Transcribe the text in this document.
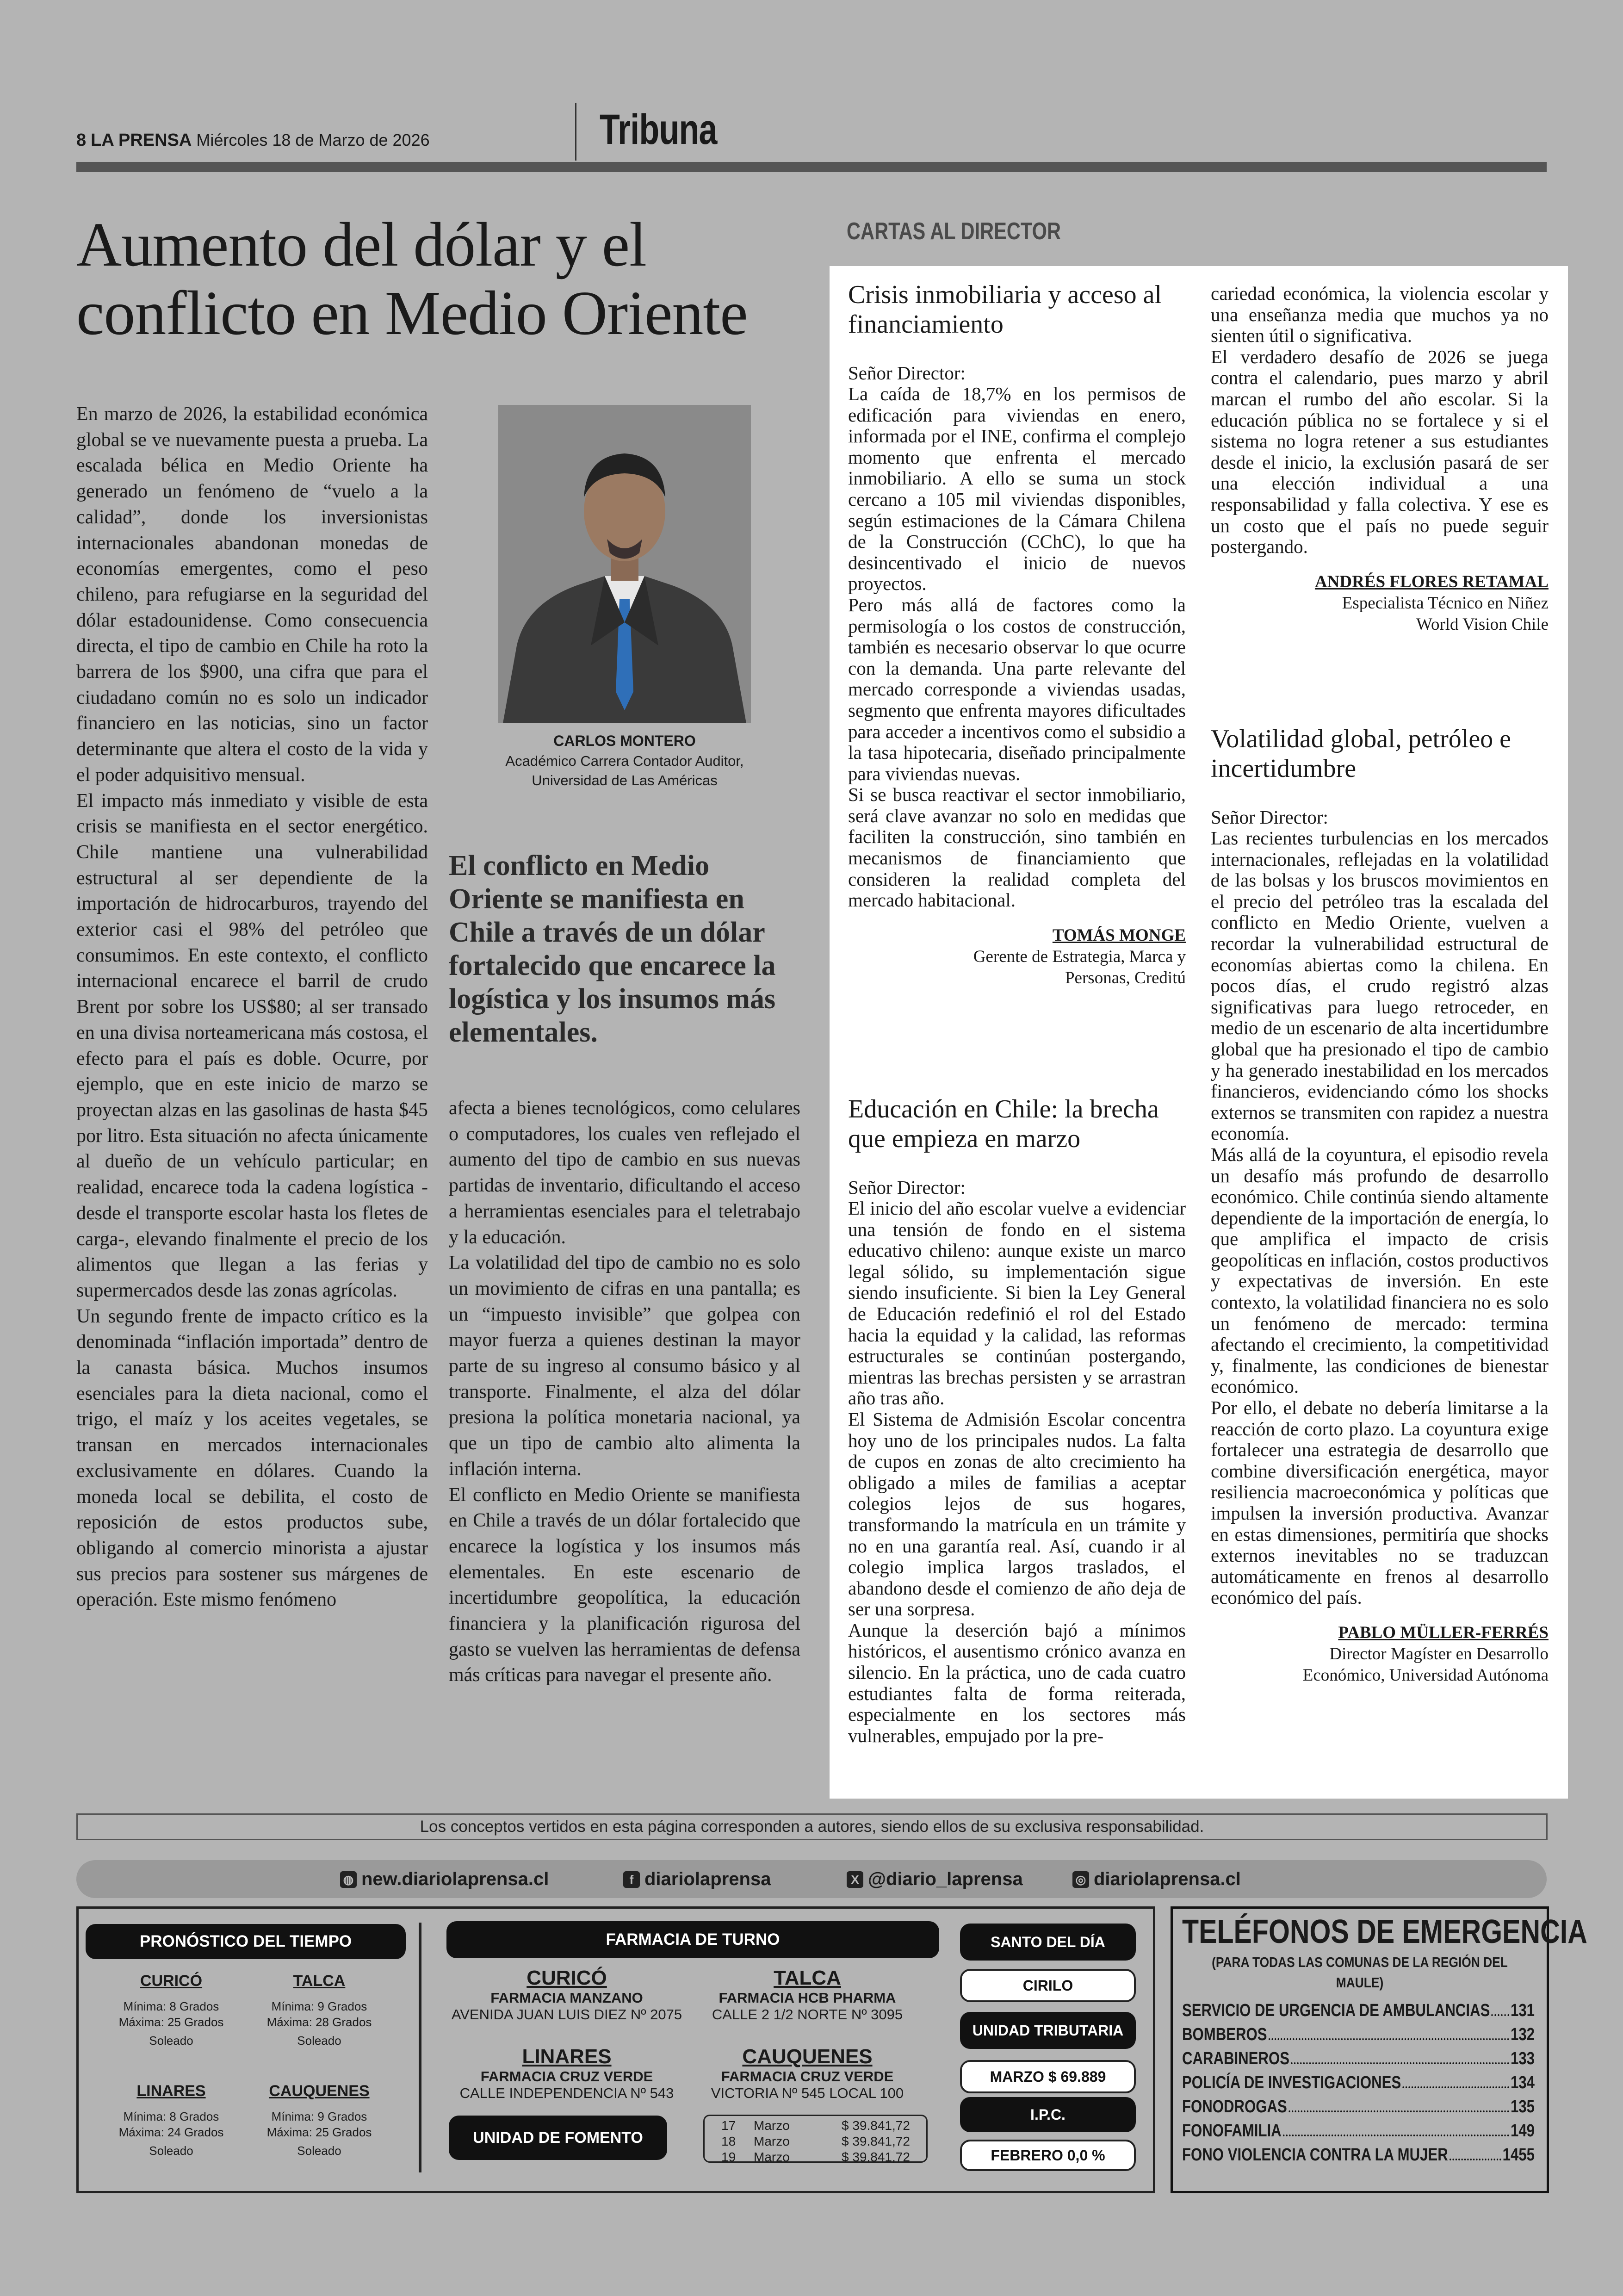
8 LA PRENSA Miércoles 18 de Marzo de 2026	Tribuna
Aumento del dólar y el conflicto en Medio Oriente

En marzo de 2026, la estabilidad económica global se ve nuevamente puesta a prueba. La escalada bélica en Medio Oriente ha generado un fenómeno de “vuelo a la calidad”, donde los inversionistas internacionales abandonan monedas de economías emergentes, como el peso chileno, para refugiarse en la seguridad del dólar estadounidense. Como consecuencia directa, el tipo de cambio en Chile ha roto la barrera de los $900, una cifra que para el ciudadano común no es solo un indicador financiero en las noticias, sino un factor determinante que altera el costo de la vida y el poder adquisitivo mensual.

El impacto más inmediato y visible de esta crisis se manifiesta en el sector energético. Chile mantiene una vulnerabilidad estructural al ser dependiente de la importación de hidrocarburos, trayendo del exterior casi el 98% del petróleo que consumimos. En este contexto, el conflicto internacional encarece el barril de crudo Brent por sobre los US$80; al ser transado en una divisa norteamericana más costosa, el efecto para el país es doble. Ocurre, por ejemplo, que en este inicio de marzo se proyectan alzas en las gasolinas de hasta $45 por litro. Esta situación no afecta únicamente al dueño de un vehículo particular; en realidad, encarece toda la cadena logística -desde el transporte escolar hasta los fletes de carga-, elevando finalmente el precio de los alimentos que llegan a las ferias y supermercados desde las zonas agrícolas.

Un segundo frente de impacto crítico es la denominada “inflación importada” dentro de la canasta básica. Muchos insumos esenciales para la dieta nacional, como el trigo, el maíz y los aceites vegetales, se transan en mercados internacionales exclusivamente en dólares. Cuando la moneda local se debilita, el costo de reposición de estos productos sube, obligando al comercio minorista a ajustar sus precios para sostener sus márgenes de operación. Este mismo fenómeno

CARLOS MONTERO
Académico Carrera Contador Auditor,
Universidad de Las Américas

El conflicto en Medio Oriente se manifiesta en Chile a través de un dólar fortalecido que encarece la logística y los insumos más elementales.

afecta a bienes tecnológicos, como celulares o computadores, los cuales ven reflejado el aumento del tipo de cambio en sus nuevas partidas de inventario, dificultando el acceso a herramientas esenciales para el teletrabajo y la educación.

La volatilidad del tipo de cambio no es solo un movimiento de cifras en una pantalla; es un “impuesto invisible” que golpea con mayor fuerza a quienes destinan la mayor parte de su ingreso al consumo básico y al transporte. Finalmente, el alza del dólar presiona la política monetaria nacional, ya que un tipo de cambio alto alimenta la inflación interna.

El conflicto en Medio Oriente se manifiesta en Chile a través de un dólar fortalecido que encarece la logística y los insumos más elementales. En este escenario de incertidumbre geopolítica, la educación financiera y la planificación rigurosa del gasto se vuelven las herramientas de defensa más críticas para navegar el presente año.

CARTAS AL DIRECTOR
Crisis inmobiliaria y acceso al financiamiento

Señor Director:

La caída de 18,7% en los permisos de edificación para viviendas en enero, informada por el INE, confirma el complejo momento que enfrenta el mercado inmobiliario. A ello se suma un stock cercano a 105 mil viviendas disponibles, según estimaciones de la Cámara Chilena de la Construcción (CChC), lo que ha desincentivado el inicio de nuevos proyectos.

Pero más allá de factores como la permisología o los costos de construcción, también es necesario observar lo que ocurre con la demanda. Una parte relevante del mercado corresponde a viviendas usadas, segmento que enfrenta mayores dificultades para acceder a incentivos como el subsidio a la tasa hipotecaria, diseñado principalmente para viviendas nuevas.

Si se busca reactivar el sector inmobiliario, será clave avanzar no solo en medidas que faciliten la construcción, sino también en mecanismos de financiamiento que consideren la realidad completa del mercado habitacional.

TOMÁS MONGE
Gerente de Estrategia, Marca y
Personas, Creditú
Educación en Chile: la brecha que empieza en marzo

Señor Director:

El inicio del año escolar vuelve a evidenciar una tensión de fondo en el sistema educativo chileno: aunque existe un marco legal sólido, su implementación sigue siendo insuficiente. Si bien la Ley General de Educación redefinió el rol del Estado hacia la equidad y la calidad, las reformas estructurales se continúan postergando, mientras las brechas persisten y se arrastran año tras año.

El Sistema de Admisión Escolar concentra hoy uno de los principales nudos. La falta de cupos en zonas de alto crecimiento ha obligado a miles de familias a aceptar colegios lejos de sus hogares, transformando la matrícula en un trámite y no en una garantía real. Así, cuando ir al colegio implica largos traslados, el abandono desde el comienzo de año deja de ser una sorpresa.

Aunque la deserción bajó a mínimos históricos, el ausentismo crónico avanza en silencio. En la práctica, uno de cada cuatro estudiantes falta de forma reiterada, especialmente en los sectores más vulnerables, empujado por la pre-

cariedad económica, la violencia escolar y una enseñanza media que muchos ya no sienten útil o significativa.

El verdadero desafío de 2026 se juega contra el calendario, pues marzo y abril marcan el rumbo del año escolar. Si la educación pública no se fortalece y si el sistema no logra retener a sus estudiantes desde el inicio, la exclusión pasará de ser una elección individual a una responsabilidad y falla colectiva. Y ese es un costo que el país no puede seguir postergando.

ANDRÉS FLORES RETAMAL
Especialista Técnico en Niñez
World Vision Chile
Volatilidad global, petróleo e incertidumbre

Señor Director:

Las recientes turbulencias en los mercados internacionales, reflejadas en la volatilidad de las bolsas y los bruscos movimientos en el precio del petróleo tras la escalada del conflicto en Medio Oriente, vuelven a recordar la vulnerabilidad estructural de economías abiertas como la chilena. En pocos días, el crudo registró alzas significativas para luego retroceder, en medio de un escenario de alta incertidumbre global que ha presionado el tipo de cambio y ha generado inestabilidad en los mercados financieros, evidenciando cómo los shocks externos se transmiten con rapidez a nuestra economía.

Más allá de la coyuntura, el episodio revela un desafío más profundo de desarrollo económico. Chile continúa siendo altamente dependiente de la importación de energía, lo que amplifica el impacto de crisis geopolíticas en inflación, costos productivos y expectativas de inversión. En este contexto, la volatilidad financiera no es solo un fenómeno de mercado: termina afectando el crecimiento, la competitividad y, finalmente, las condiciones de bienestar económico.

Por ello, el debate no debería limitarse a la reacción de corto plazo. La coyuntura exige fortalecer una estrategia de desarrollo que combine diversificación energética, mayor resiliencia macroeconómica y políticas que impulsen la inversión productiva. Avanzar en estas dimensiones, permitiría que shocks externos inevitables no se traduzcan automáticamente en frenos al desarrollo económico del país.

PABLO MÜLLER-FERRÉS
Director Magíster en Desarrollo
Económico, Universidad Autónoma
Los conceptos vertidos en esta página corresponden a autores, siendo ellos de su exclusiva responsabilidad.
◍ new.diariolaprensa.cl	f diariolaprensa	X @diario_laprensa	◎ diariolaprensa.cl
PRONÓSTICO DEL TIEMPO
CURICÓ
Mínima: 8 Grados
Máxima: 25 Grados
Soleado
TALCA
Mínima: 9 Grados
Máxima: 28 Grados
Soleado
LINARES
Mínima: 8 Grados
Máxima: 24 Grados
Soleado
CAUQUENES
Mínima: 9 Grados
Máxima: 25 Grados
Soleado
FARMACIA DE TURNO
CURICÓ
FARMACIA MANZANO
AVENIDA JUAN LUIS DIEZ Nº 2075
TALCA
FARMACIA HCB PHARMA
CALLE 2 1/2 NORTE Nº 3095
LINARES
FARMACIA CRUZ VERDE
CALLE INDEPENDENCIA Nº 543
CAUQUENES
FARMACIA CRUZ VERDE
VICTORIA Nº 545 LOCAL 100
UNIDAD DE FOMENTO
17	Marzo	$ 39.841,72
18	Marzo	$ 39.841,72
19	Marzo	$ 39.841,72
SANTO DEL DÍA
CIRILO
UNIDAD TRIBUTARIA
MARZO $ 69.889
I.P.C.
FEBRERO 0,0 %
TELÉFONOS DE EMERGENCIA
(PARA TODAS LAS COMUNAS DE LA REGIÓN DEL MAULE)
SERVICIO DE URGENCIA DE AMBULANCIAS 131
BOMBEROS	132
CARABINEROS	133
POLICÍA DE INVESTIGACIONES	134
FONODROGAS	135
FONOFAMILIA	149
FONO VIOLENCIA CONTRA LA MUJER	1455
